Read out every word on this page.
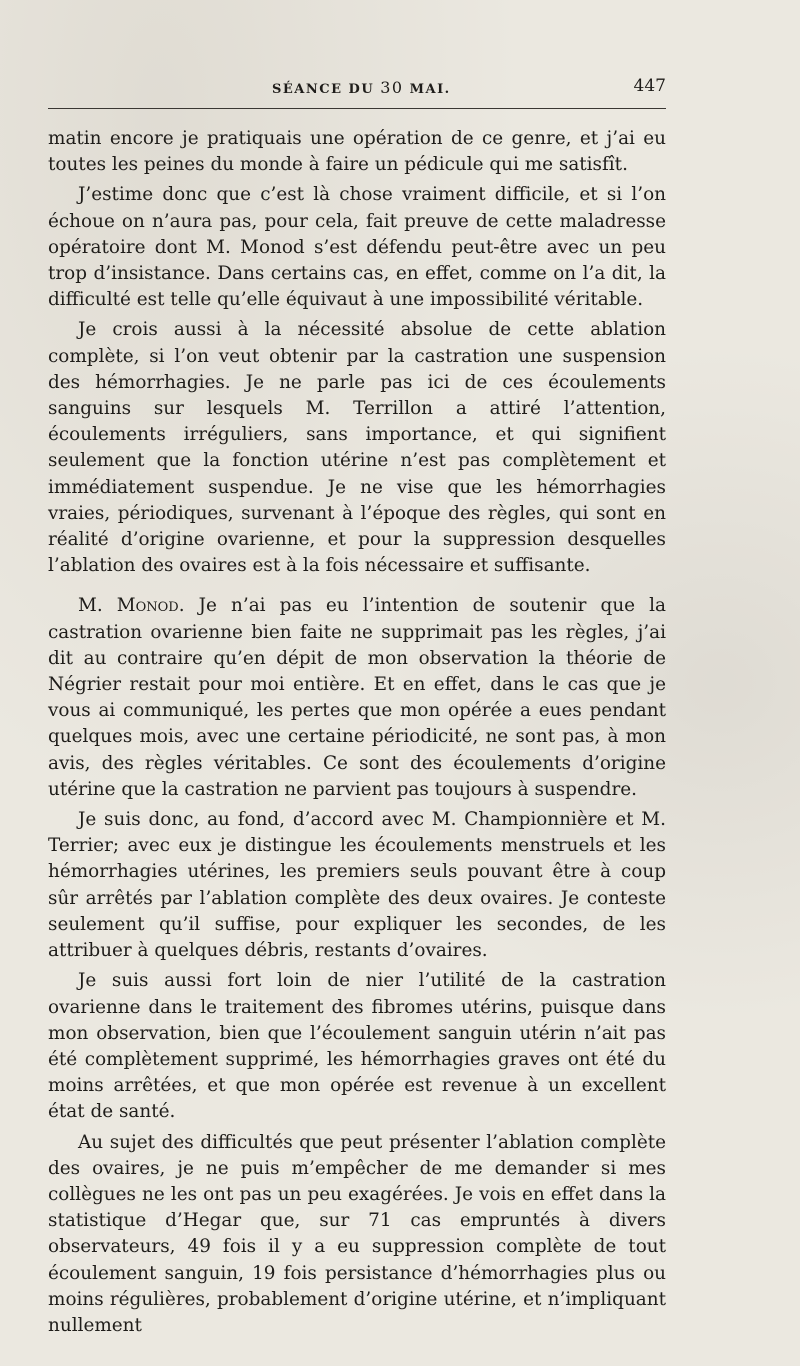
SÉANCE DU 30 MAI.	447

matin encore je pratiquais une opération de ce genre, et j’ai eu toutes les peines du monde à faire un pédicule qui me satisfît.

J’estime donc que c’est là chose vraiment difficile, et si l’on échoue on n’aura pas, pour cela, fait preuve de cette maladresse opératoire dont M. Monod s’est défendu peut-être avec un peu trop d’insistance. Dans certains cas, en effet, comme on l’a dit, la difficulté est telle qu’elle équivaut à une impossibilité véritable.

Je crois aussi à la nécessité absolue de cette ablation complète, si l’on veut obtenir par la castration une suspension des hémorrhagies. Je ne parle pas ici de ces écoulements sanguins sur lesquels M. Terrillon a attiré l’attention, écoulements irréguliers, sans importance, et qui signifient seulement que la fonction utérine n’est pas complètement et immédiatement suspendue. Je ne vise que les hémorrhagies vraies, périodiques, survenant à l’époque des règles, qui sont en réalité d’origine ovarienne, et pour la suppression desquelles l’ablation des ovaires est à la fois nécessaire et suffisante.

M. Monod. Je n’ai pas eu l’intention de soutenir que la castration ovarienne bien faite ne supprimait pas les règles, j’ai dit au contraire qu’en dépit de mon observation la théorie de Négrier restait pour moi entière. Et en effet, dans le cas que je vous ai communiqué, les pertes que mon opérée a eues pendant quelques mois, avec une certaine périodicité, ne sont pas, à mon avis, des règles véritables. Ce sont des écoulements d’origine utérine que la castration ne parvient pas toujours à suspendre.

Je suis donc, au fond, d’accord avec M. Championnière et M. Terrier; avec eux je distingue les écoulements menstruels et les hémorrhagies utérines, les premiers seuls pouvant être à coup sûr arrêtés par l’ablation complète des deux ovaires. Je conteste seulement qu’il suffise, pour expliquer les secondes, de les attribuer à quelques débris, restants d’ovaires.

Je suis aussi fort loin de nier l’utilité de la castration ovarienne dans le traitement des fibromes utérins, puisque dans mon observation, bien que l’écoulement sanguin utérin n’ait pas été complètement supprimé, les hémorrhagies graves ont été du moins arrêtées, et que mon opérée est revenue à un excellent état de santé.

Au sujet des difficultés que peut présenter l’ablation complète des ovaires, je ne puis m’empêcher de me demander si mes collègues ne les ont pas un peu exagérées. Je vois en effet dans la statistique d’Hegar que, sur 71 cas empruntés à divers observateurs, 49 fois il y a eu suppression complète de tout écoulement sanguin, 19 fois persistance d’hémorrhagies plus ou moins régulières, probablement d’origine utérine, et n’impliquant nullement
